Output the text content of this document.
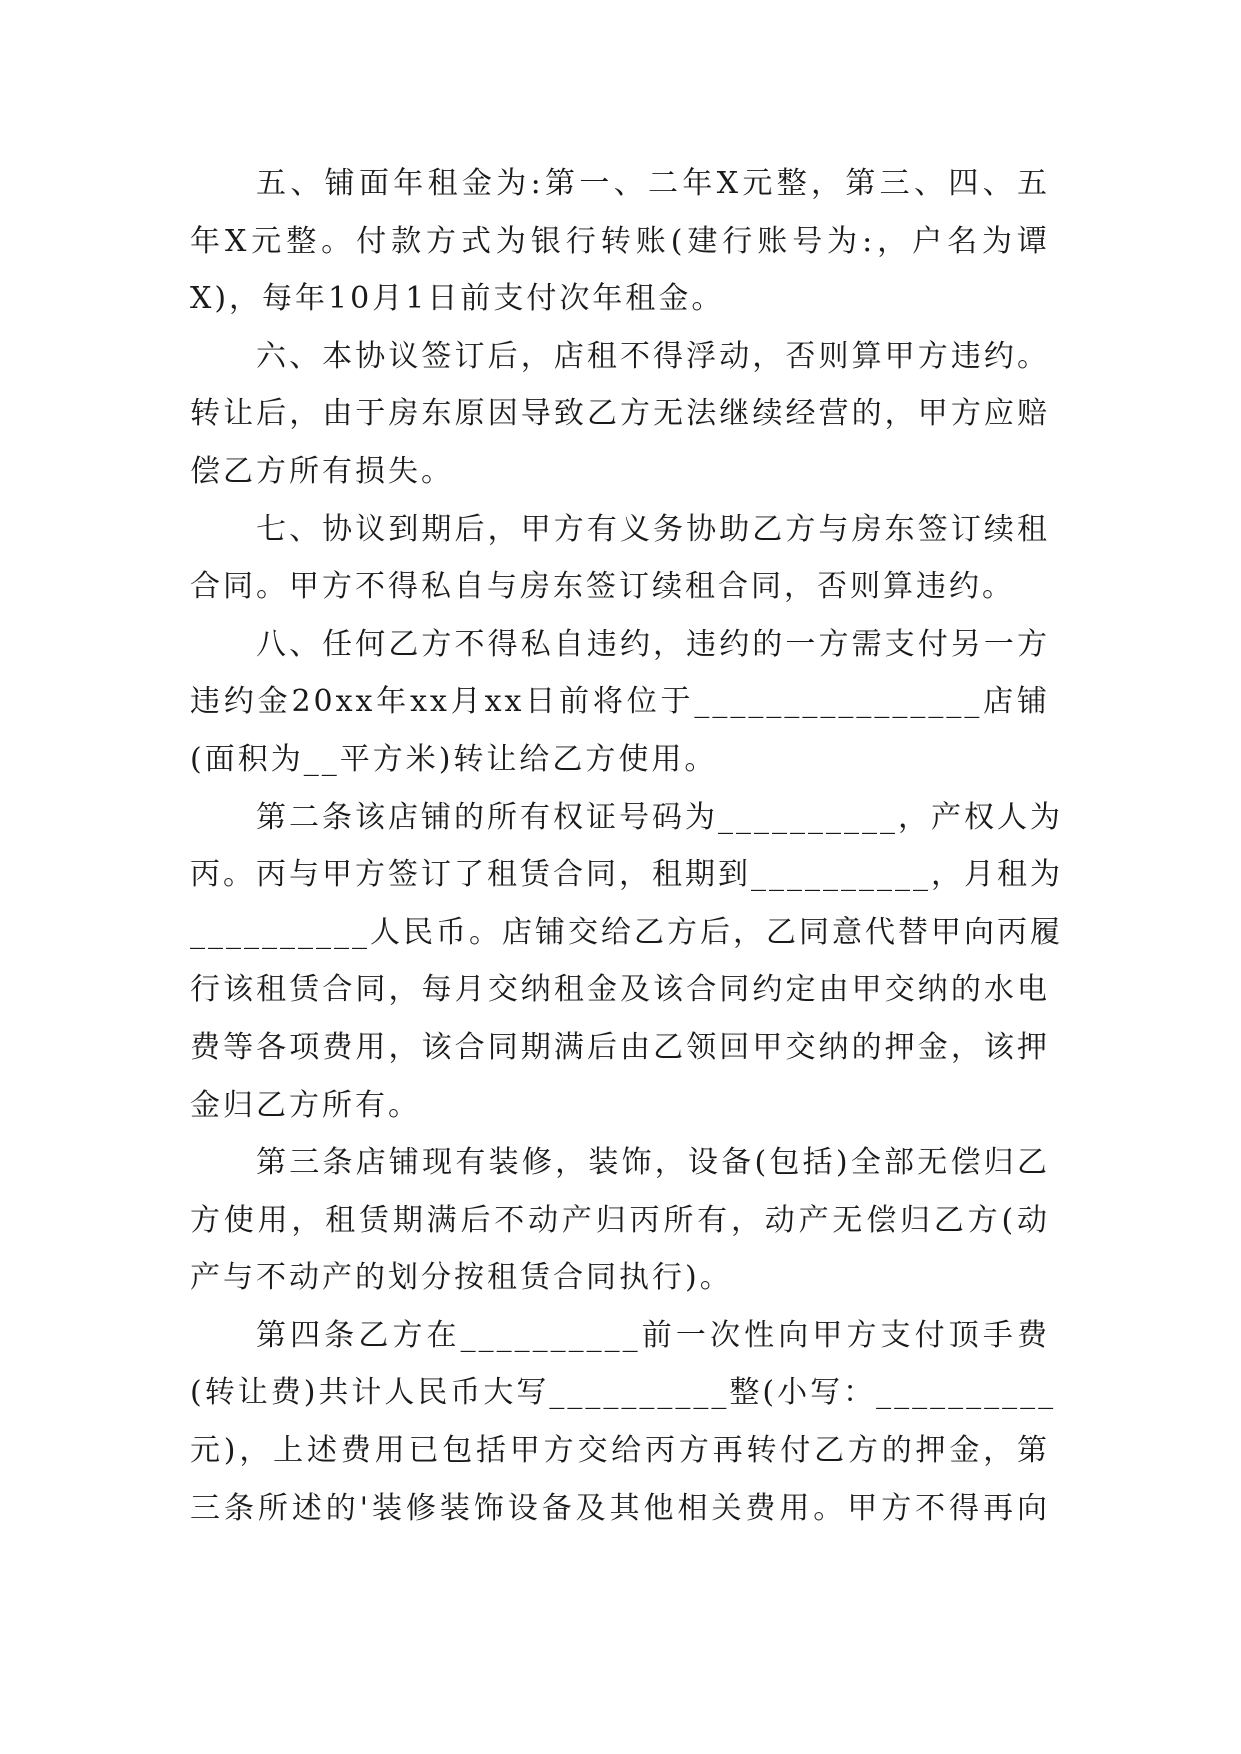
五、铺面年租金为:第一、二年X元整，第三、四、五
年X元整。付款方式为银行转账(建行账号为:，户名为谭
X)，每年10月1日前支付次年租金。
六、本协议签订后，店租不得浮动，否则算甲方违约。
转让后，由于房东原因导致乙方无法继续经营的，甲方应赔
偿乙方所有损失。
七、协议到期后，甲方有义务协助乙方与房东签订续租
合同。甲方不得私自与房东签订续租合同，否则算违约。
八、任何乙方不得私自违约，违约的一方需支付另一方
违约金20xx年xx月xx日前将位于________________店铺
(面积为__平方米)转让给乙方使用。
第二条该店铺的所有权证号码为__________，产权人为
丙。丙与甲方签订了租赁合同，租期到__________，月租为
__________人民币。店铺交给乙方后，乙同意代替甲向丙履
行该租赁合同，每月交纳租金及该合同约定由甲交纳的水电
费等各项费用，该合同期满后由乙领回甲交纳的押金，该押
金归乙方所有。
第三条店铺现有装修，装饰，设备(包括)全部无偿归乙
方使用，租赁期满后不动产归丙所有，动产无偿归乙方(动
产与不动产的划分按租赁合同执行)。
第四条乙方在__________前一次性向甲方支付顶手费
(转让费)共计人民币大写__________整(小写：__________
元)，上述费用已包括甲方交给丙方再转付乙方的押金，第
三条所述的'装修装饰设备及其他相关费用。甲方不得再向
